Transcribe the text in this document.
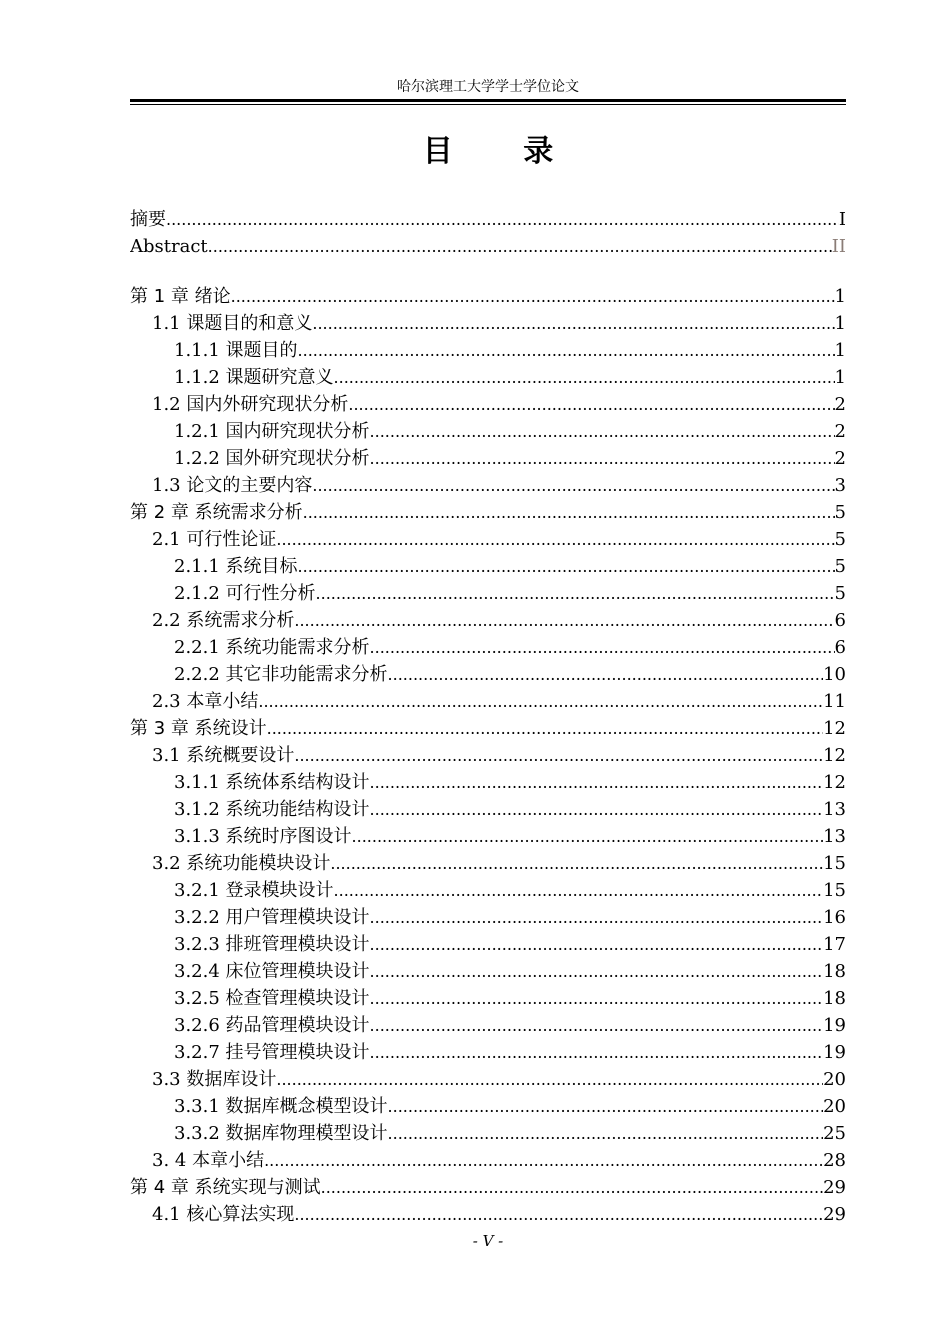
哈尔滨理工大学学士学位论文
目 录
摘要 .....	I
Abstract .....	II
第 1 章 绪论 .....	1
1.1 课题目的和意义 .....	1
1.1.1 课题目的 .....	1
1.1.2 课题研究意义 .....	1
1.2 国内外研究现状分析 .....	2
1.2.1 国内研究现状分析 .....	2
1.2.2 国外研究现状分析 .....	2
1.3 论文的主要内容 .....	3
第 2 章 系统需求分析 .....	5
2.1 可行性论证 .....	5
2.1.1 系统目标 .....	5
2.1.2 可行性分析 .....	5
2.2 系统需求分析 .....	6
2.2.1 系统功能需求分析 .....	6
2.2.2 其它非功能需求分析 .....	10
2.3 本章小结 .....	11
第 3 章 系统设计 .....	12
3.1 系统概要设计 .....	12
3.1.1 系统体系结构设计 .....	12
3.1.2 系统功能结构设计 .....	13
3.1.3 系统时序图设计 .....	13
3.2 系统功能模块设计 .....	15
3.2.1 登录模块设计 .....	15
3.2.2 用户管理模块设计 .....	16
3.2.3 排班管理模块设计 .....	17
3.2.4 床位管理模块设计 .....	18
3.2.5 检查管理模块设计 .....	18
3.2.6 药品管理模块设计 .....	19
3.2.7 挂号管理模块设计 .....	19
3.3 数据库设计 .....	20
3.3.1 数据库概念模型设计 .....	20
3.3.2 数据库物理模型设计 .....	25
3. 4 本章小结 .....	28
第 4 章 系统实现与测试 .....	29
4.1 核心算法实现 .....	29
- V -
